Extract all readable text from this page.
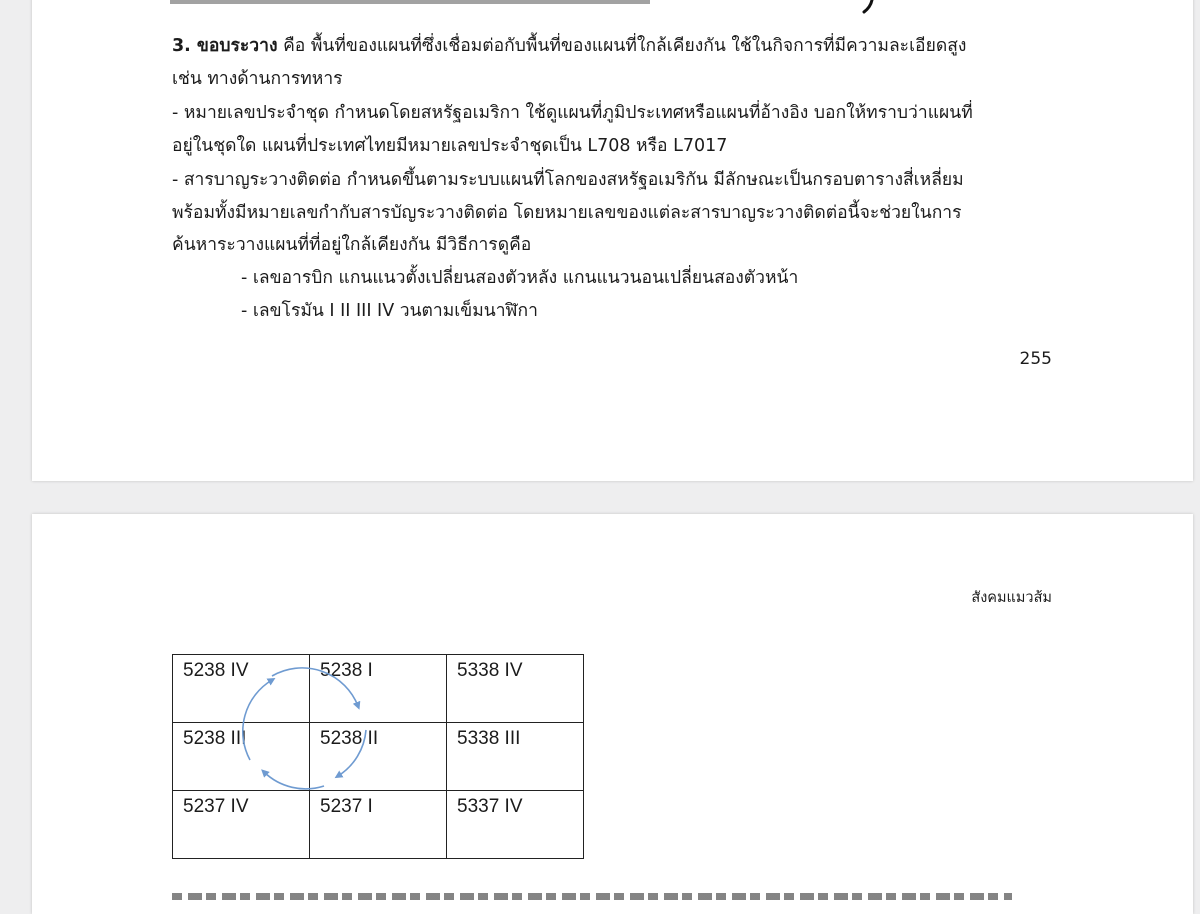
3. ขอบระวาง คือ พื้นที่ของแผนที่ซึ่งเชื่อมต่อกับพื้นที่ของแผนที่ใกล้เคียงกัน ใช้ในกิจการที่มีความละเอียดสูง
เช่น ทางด้านการทหาร
- หมายเลขประจำชุด กำหนดโดยสหรัฐอเมริกา ใช้ดูแผนที่ภูมิประเทศหรือแผนที่อ้างอิง บอกให้ทราบว่าแผนที่
อยู่ในชุดใด แผนที่ประเทศไทยมีหมายเลขประจำชุดเป็น L708 หรือ L7017
- สารบาญระวางติดต่อ กำหนดขึ้นตามระบบแผนที่โลกของสหรัฐอเมริกัน มีลักษณะเป็นกรอบตารางสี่เหลี่ยม
พร้อมทั้งมีหมายเลขกำกับสารบัญระวางติดต่อ โดยหมายเลขของแต่ละสารบาญระวางติดต่อนี้จะช่วยในการ
ค้นหาระวางแผนที่ที่อยู่ใกล้เคียงกัน มีวิธีการดูคือ
- เลขอารบิก แกนแนวตั้งเปลี่ยนสองตัวหลัง แกนแนวนอนเปลี่ยนสองตัวหน้า
- เลขโรมัน I II III IV วนตามเข็มนาฬิกา
255
สังคมแมวส้ม
5238 IV	5238 I	5338 IV
5238 III	5238 II	5338 III
5237 IV	5237 I	5337 IV
